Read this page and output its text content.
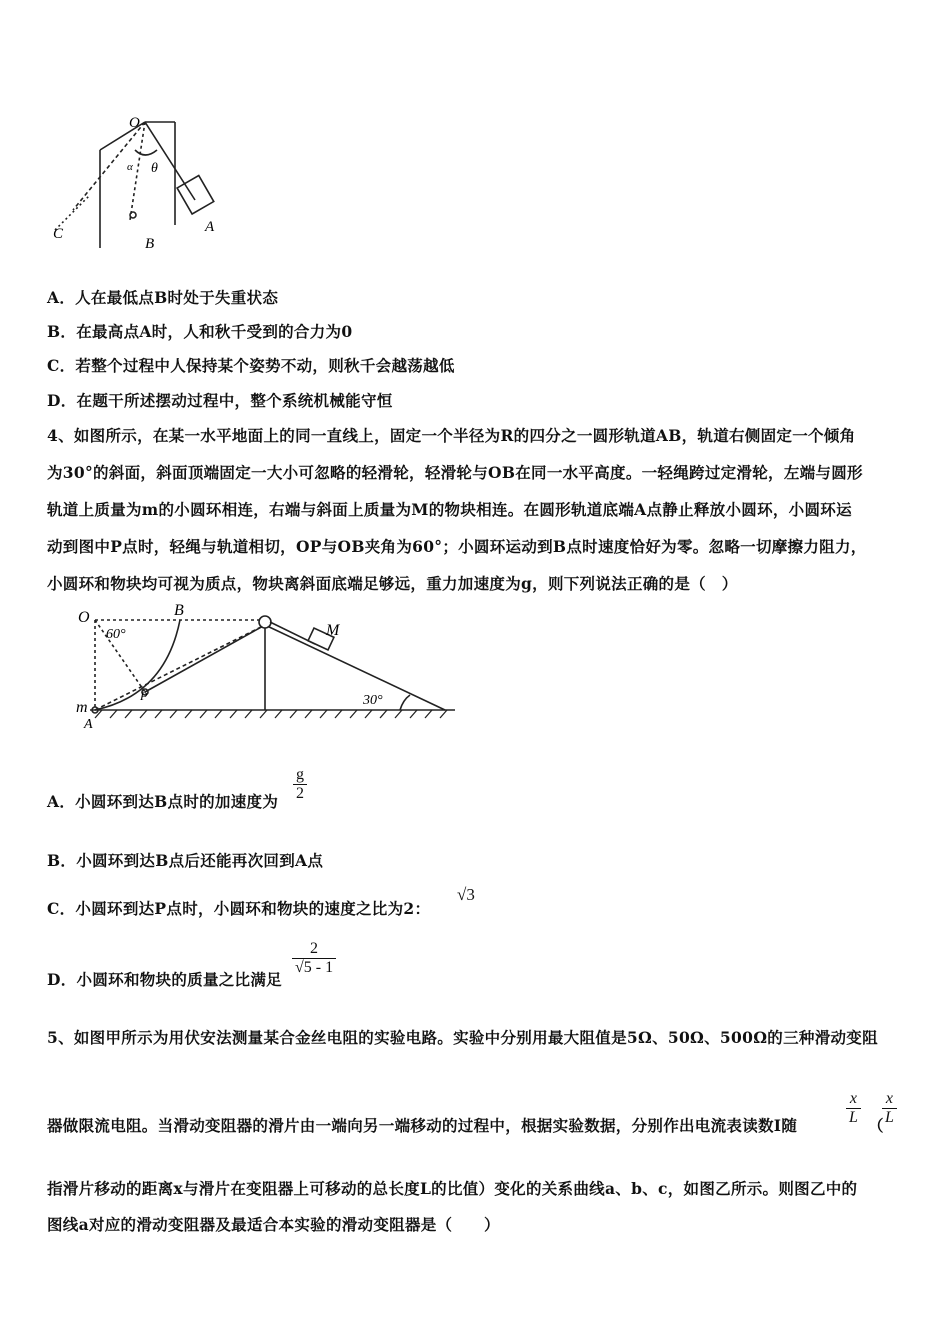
O
θ
α
C
B
A
A．人在最低点B时处于失重状态
B．在最高点A时，人和秋千受到的合力为0
C．若整个过程中人保持某个姿势不动，则秋千会越荡越低
D．在题干所述摆动过程中，整个系统机械能守恒
4、如图所示，在某一水平地面上的同一直线上，固定一个半径为R的四分之一圆形轨道AB，轨道右侧固定一个倾角
为30°的斜面，斜面顶端固定一大小可忽略的轻滑轮，轻滑轮与OB在同一水平高度。一轻绳跨过定滑轮，左端与圆形
轨道上质量为m的小圆环相连，右端与斜面上质量为M的物块相连。在圆形轨道底端A点静止释放小圆环，小圆环运
动到图中P点时，轻绳与轨道相切，OP与OB夹角为60°；小圆环运动到B点时速度恰好为零。忽略一切摩擦力阻力，
小圆环和物块均可视为质点，物块离斜面底端足够远，重力加速度为g，则下列说法正确的是（　）
O
60°
B
M
P
m
A
30°
A．小圆环到达B点时的加速度为 $\frac{g}{2}$
B．小圆环到达B点后还能再次回到A点
C．小圆环到达P点时，小圆环和物块的速度之比为2：
√3
D．小圆环和物块的质量之比满足
$\frac{2}{√5 - 1}$
5、如图甲所示为用伏安法测量某合金丝电阻的实验电路。实验中分别用最大阻值是5Ω、50Ω、500Ω的三种滑动变阻
器做限流电阻。当滑动变阻器的滑片由一端向另一端移动的过程中，根据实验数据，分别作出电流表读数I随	$\frac{x}{L}$ （
$\frac{x}{L}$
指滑片移动的距离x与滑片在变阻器上可移动的总长度L的比值）变化的关系曲线a、b、c，如图乙所示。则图乙中的
图线a对应的滑动变阻器及最适合本实验的滑动变阻器是（　　）
